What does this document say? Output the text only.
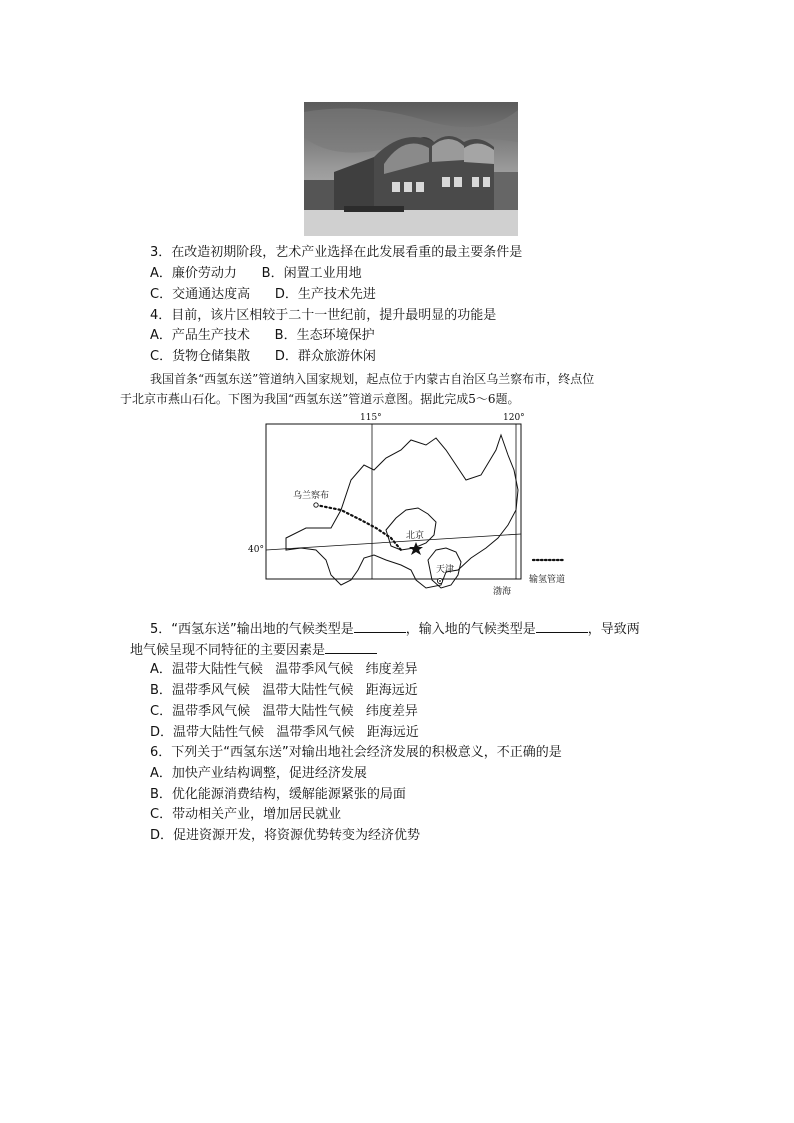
3．在改造初期阶段，艺术产业选择在此发展看重的最主要条件是
A．廉价劳动力      B．闲置工业用地
C．交通通达度高      D．生产技术先进
4．目前，该片区相较于二十一世纪前，提升最明显的功能是
A．产品生产技术      B．生态环境保护
C．货物仓储集散      D．群众旅游休闲
我国首条“西氢东送”管道纳入国家规划，起点位于内蒙古自治区乌兰察布市，终点位
于北京市燕山石化。下图为我国“西氢东送”管道示意图。据此完成5～6题。
115°	120°
40°
乌兰察布
北京
天津
渤海
输氢管道
5．“西氢东送”输出地的气候类型是	，输入地的气候类型是	，导致两
地气候呈现不同特征的主要因素是
A．温带大陆性气候   温带季风气候   纬度差异
B．温带季风气候   温带大陆性气候   距海远近
C．温带季风气候   温带大陆性气候   纬度差异
D．温带大陆性气候   温带季风气候   距海远近
6．下列关于“西氢东送”对输出地社会经济发展的积极意义，不正确的是
A．加快产业结构调整，促进经济发展
B．优化能源消费结构，缓解能源紧张的局面
C．带动相关产业，增加居民就业
D．促进资源开发，将资源优势转变为经济优势
